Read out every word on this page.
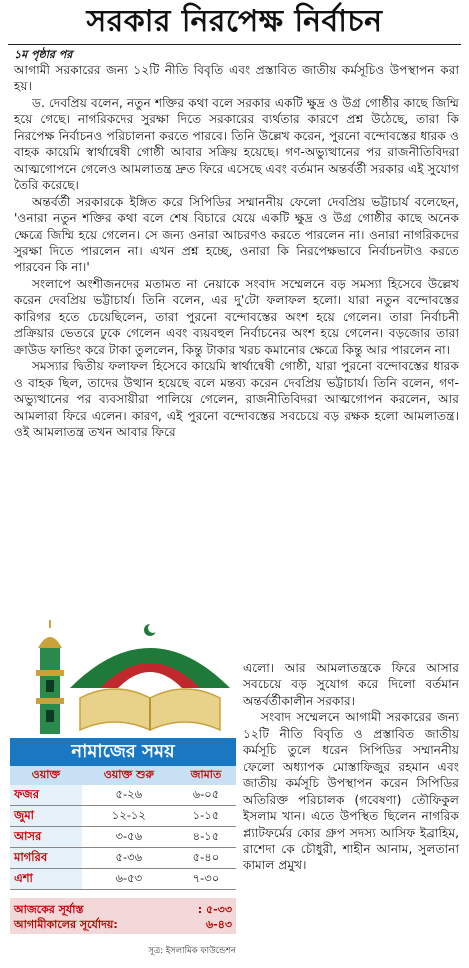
সরকার নিরপেক্ষ নির্বাচন
১ম পৃষ্ঠার পর

আগামী সরকারের জন্য ১২টি নীতি বিবৃতি এবং প্রস্তাবিত জাতীয় কর্মসূচিও উপস্থাপন করা হয়।

ড. দেবপ্রিয় বলেন, নতুন শক্তির কথা বলে সরকার একটি ক্ষুদ্র ও উগ্র গোষ্ঠীর কাছে জিম্মি হয়ে গেছে। নাগরিকদের সুরক্ষা দিতে সরকারের ব্যর্থতার কারণে প্রশ্ন উঠেছে, তারা কি নিরপেক্ষ নির্বাচনও পরিচালনা করতে পারবে। তিনি উল্লেখ করেন, পুরনো বন্দোবস্তের ধারক ও বাহক কায়েমি স্বার্থান্বেষী গোষ্ঠী আবার সক্রিয় হয়েছে। গণ-অভ্যুত্থানের পর রাজনীতিবিদরা আত্মগোপনে গেলেও আমলাতন্ত্র দ্রুত ফিরে এসেছে এবং বর্তমান অন্তর্বর্তী সরকার এই সুযোগ তৈরি করেছে।

অন্তর্বর্তী সরকারকে ইঙ্গিত করে সিপিডির সম্মাননীয় ফেলো দেবপ্রিয় ভট্টাচার্য বলেছেন, 'ওনারা নতুন শক্তির কথা বলে শেষ বিচারে যেয়ে একটি ক্ষুদ্র ও উগ্র গোষ্ঠীর কাছে অনেক ক্ষেত্রে জিম্মি হয়ে গেলেন। সে জন্য ওনারা আচরণও করতে পারলেন না। ওনারা নাগরিকদের সুরক্ষা দিতে পারলেন না। এখন প্রশ্ন হচ্ছে, ওনারা কি নিরপেক্ষভাবে নির্বাচনটাও করতে পারবেন কি না।'

সংলাপে অংশীজনদের মতামত না নেয়াকে সংবাদ সম্মেলনে বড় সমস্যা হিসেবে উল্লেখ করেন দেবপ্রিয় ভট্টাচার্য। তিনি বলেন, এর দু'টো ফলাফল হলো। যারা নতুন বন্দোবস্তের কারিগর হতে চেয়েছিলেন, তারা পুরনো বন্দোবস্তের অংশ হয়ে গেলেন। তারা নির্বাচনী প্রক্রিয়ার ভেতরে ঢুকে গেলেন এবং ব্যয়বহুল নির্বাচনের অংশ হয়ে গেলেন। বড়জোর তারা ক্রাউড ফান্ডিং করে টাকা তুললেন, কিন্তু টাকার খরচ কমানোর ক্ষেত্রে কিন্তু আর পারলেন না।

সমস্যার দ্বিতীয় ফলাফল হিসেবে কায়েমি স্বার্থান্বেষী গোষ্ঠী, যারা পুরনো বন্দোবস্তের ধারক ও বাহক ছিল, তাদের উত্থান হয়েছে বলে মন্তব্য করেন দেবপ্রিয় ভট্টাচার্য। তিনি বলেন, গণ-অভ্যুত্থানের পর ব্যবসায়ীরা পালিয়ে গেলেন, রাজনীতিবিদরা আত্মগোপন করলেন, আর আমলারা ফিরে এলেন। কারণ, এই পুরনো বন্দোবস্তের সবচেয়ে বড় রক্ষক হলো আমলাতন্ত্র। ওই আমলাতন্ত্র তখন আবার ফিরে

এলো। আর আমলাতন্ত্রকে ফিরে আসার সবচেয়ে বড় সুযোগ করে দিলো বর্তমান অন্তর্বর্তীকালীন সরকার।

সংবাদ সম্মেলনে আগামী সরকারের জন্য ১২টি নীতি বিবৃতি ও প্রস্তাবিত জাতীয় কর্মসূচি তুলে ধরেন সিপিডির সম্মাননীয় ফেলো অধ্যাপক মোস্তাফিজুর রহমান এবং জাতীয় কর্মসূচি উপস্থাপন করেন সিপিডির অতিরিক্ত পরিচালক (গবেষণা) তৌফিকুল ইসলাম খান। এতে উপস্থিত ছিলেন নাগরিক প্ল্যাটফর্মের কোর গ্রুপ সদস্য আসিফ ইব্রাহিম, রাশেদা কে চৌধুরী, শাহীন আনাম, সুলতানা কামাল প্রমুখ।

নামাজের সময়
ওয়াক্ত	ওয়াক্ত শুরু	জামাত
ফজর	৫-২৬	৬-০৫
জুমা	১২-১২	১-১৫
আসর	৩-৫৬	৪-১৫
মাগরিব	৫-৩৬	৫-৪০
এশা	৬-৫৩	৭-৩০
আজকের সূর্যাস্ত	: ৫-৩৩
আগামীকালের সূর্যোদয়:	৬-৪৩
সূত্র: ইসলামিক ফাউন্ডেশন
